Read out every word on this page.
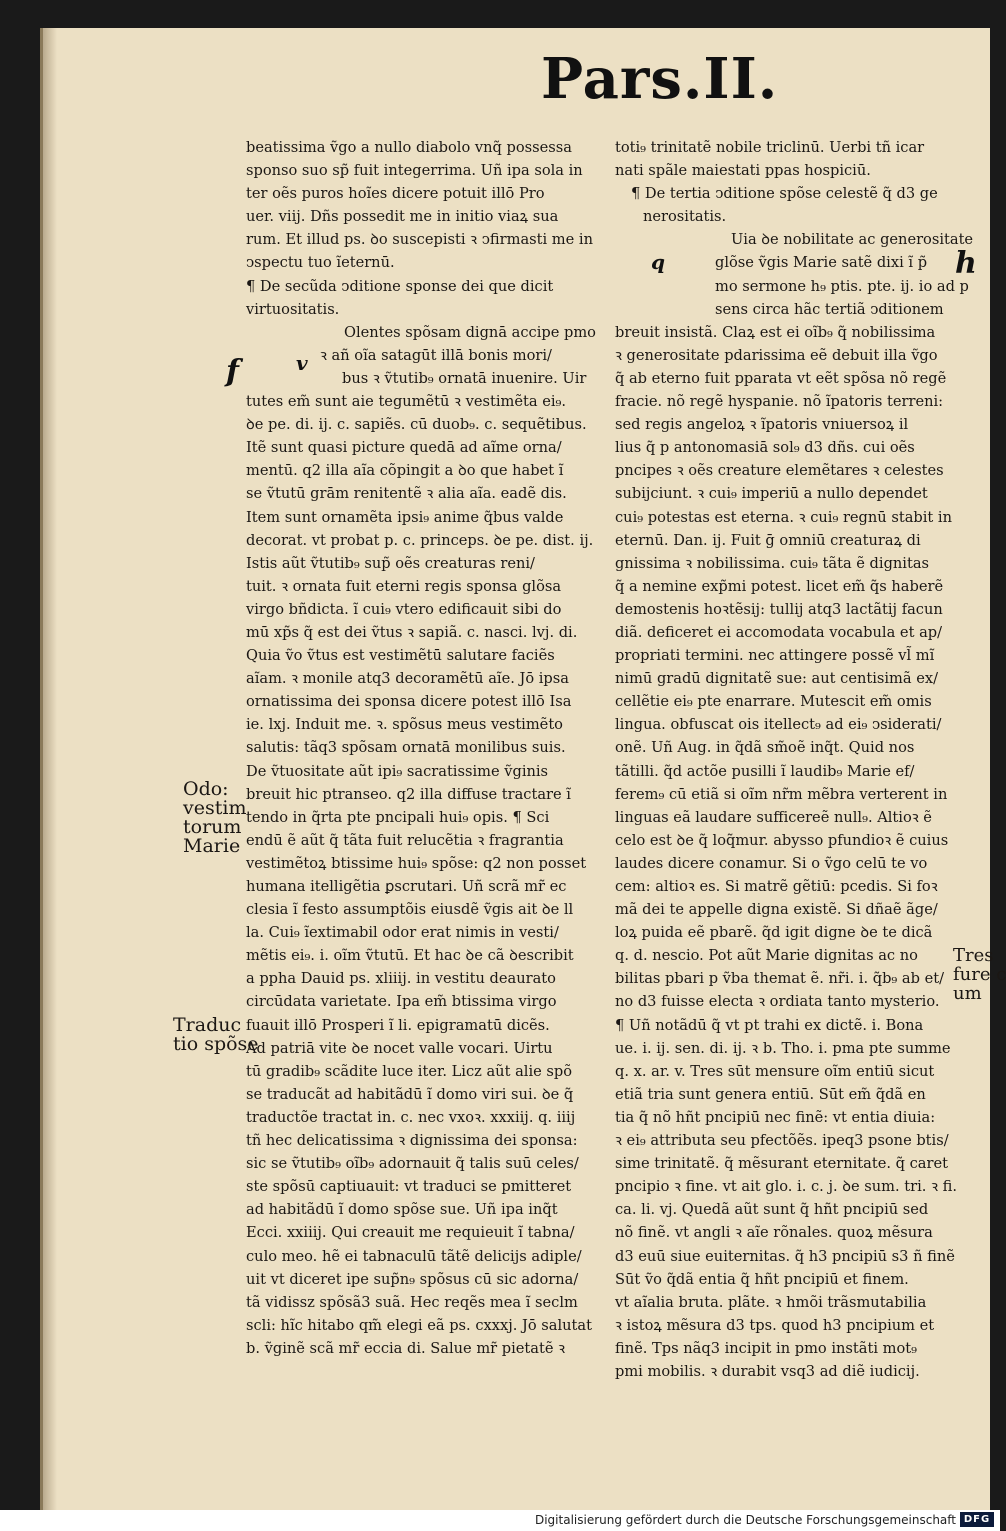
Pars.II.
beatissima ṽgo a nullo diabolo vnq̃ possessa
sponso suo sp̃ fuit integerrima. Uñ ipa sola in
ter oẽs puros hoĩes dicere potuit illō Pro
uer. viij. Dñs possedit me in initio viaꝝ sua
rum. Et illud ps. ꝺo suscepisti ꝛ ↄfirmasti me in
ↄspectu tuo ĩeternū.
¶ De secũda ↄditione sponse dei que dicit
virtuositatis.
Olentes spõsam dignā accipe pmo
ꝛ añ oĩa satagūt illā bonis mori/
bus ꝛ ṽtutib₉ ornatā inuenire. Uir
tutes em̃ sunt aie tegumẽtū ꝛ vestimẽta ei₉.
ꝺe pe. di. ij. c. sapiẽs. cū duob₉. c. sequẽtibus.
Itẽ sunt quasi picture quedā ad aĩme orna/
mentū. q2 illa aĩa cõpingit a ꝺo que habet ĩ
se ṽtutū grām renitentẽ ꝛ alia aĩa. eadẽ dis.
Item sunt ornamẽta ipsi₉ anime q̃bus valde
decorat. vt probat p. c. princeps. ꝺe pe. dist. ij.
Istis aũt ṽtutib₉ sup̃ oẽs creaturas reni/
tuit. ꝛ ornata fuit eterni regis sponsa glõsa
virgo bñdicta. ĩ cui₉ vtero edificauit sibi do
mū xp̃s q̃ est dei ṽtus ꝛ sapiã. c. nasci. lvj. di.
Quia ṽo ṽtus est vestimẽtū salutare faciẽs
aĩam. ꝛ monile atq3 decoramẽtū aĩe. Jō ipsa
ornatissima dei sponsa dicere potest illō Isa
ie. lxj. Induit me. ꝛ. spõsus meus vestimẽto
salutis: tãq3 spõsam ornatā monilibus suis.
De ṽtuositate aũt ipi₉ sacratissime ṽginis
breuit hic ptranseo. q2 illa diffuse tractare ĩ
tendo in q̃rta pte pncipali hui₉ opis. ¶ Sci
endū ẽ aũt q̃ tãta fuit relucẽtia ꝛ fragrantia
vestimẽtoꝝ btissime hui₉ spõse: q2 non posset
humana itelligẽtia ꝑscrutari. Uñ scrã mr̃ ec
clesia ĩ festo assumptõis eiusdẽ ṽgis ait ꝺe ll
la. Cui₉ ĩextimabil odor erat nimis in vesti/
mẽtis ei₉. i. oĩm ṽtutū. Et hac ꝺe cã ꝺescribit
a ppha Dauid ps. xliiij. in vestitu deaurato
circūdata varietate. Ipa em̃ btissima virgo
fuauit illō Prosperi ĩ li. epigramatū dicẽs.
Ad patriā vite ꝺe nocet valle vocari. Uirtu
tū gradib₉ scãdite luce iter. Licz aũt alie spõ
se traducãt ad habitãdū ĩ domo viri sui. ꝺe q̃
traductõe tractat in. c. nec vxoꝛ. xxxiij. q. iiij
tñ hec delicatissima ꝛ dignissima dei sponsa:
sic se ṽtutib₉ oĩb₉ adornauit q̃ talis suū celes/
ste spõsū captiuauit: vt traduci se pmitteret
ad habitãdū ĩ domo spõse sue. Uñ ipa inq̃t
Ecci. xxiiij. Qui creauit me requieuit ĩ tabna/
culo meo. hẽ ei tabnaculū tãtẽ delicijs adiple/
uit vt diceret ipe sup̃n₉ spõsus cū sic adorna/
tã vidissz spõsã3 suã. Hec reqẽs mea ĩ seclm
scli: hĩc hitabo qm̃ elegi eã ps. cxxxj. Jō salutat
b. ṽginẽ scã mr̃ eccia di. Salue mr̃ pietatẽ ꝛ
toti₉ trinitatẽ nobile triclinū. Uerbi tñ icar
nati spãle maiestati ppas hospiciū.
¶ De tertia ↄditione spõse celestẽ q̃ d3 ge
nerositatis.
Uia ꝺe nobilitate ac generositate
glõse ṽgis Marie satẽ dixi ĩ p̃
mo sermone h₉ ptis. pte. ij. io ad p
sens circa hãc tertiã ↄditionem
breuit insistã. Claꝝ est ei oĩb₉ q̃ nobilissima
ꝛ generositate pdarissima eẽ debuit illa ṽgo
q̃ ab eterno fuit pparata vt eẽt spõsa nõ regẽ
fracie. nõ regẽ hyspanie. nõ ĩpatoris terreni:
sed regis angeloꝝ ꝛ ĩpatoris vniuersoꝝ il
lius q̃ p antonomasiā sol₉ d3 dñs. cui oẽs
pncipes ꝛ oẽs creature elemẽtares ꝛ celestes
subijciunt. ꝛ cui₉ imperiū a nullo dependet
cui₉ potestas est eterna. ꝛ cui₉ regnū stabit in
eternū. Dan. ij. Fuit ḡ omniū creaturaꝝ di
gnissima ꝛ nobilissima. cui₉ tãta ẽ dignitas
q̃ a nemine exp̃mi potest. licet em̃ q̃s haberẽ
demostenis hoꝛtẽsij: tullij atq3 lactãtij facun
diã. deficeret ei accomodata vocabula et ap/
propriati termini. nec attingere possẽ vl̃ mĩ
nimū gradū dignitatẽ sue: aut centisimã ex/
cellẽtie ei₉ pte enarrare. Mutescit em̃ omis
lingua. obfuscat ois itellect₉ ad ei₉ ↄsiderati/
onẽ. Uñ Aug. in q̃dã sm̃oẽ inq̃t. Quid nos
tãtilli. q̃d actõe pusilli ĩ laudib₉ Marie ef/
ferem₉ cū etiã si oĩm nr̃m mẽbra verterent in
linguas eã laudare sufficereẽ null₉. Altioꝛ ẽ
celo est ꝺe q̃ loq̃mur. abysso pfundioꝛ ẽ cuius
laudes dicere conamur. Si o ṽgo celū te vo
cem: altioꝛ es. Si matrẽ gẽtiū: pcedis. Si foꝛ
mã dei te appelle digna existẽ. Si dñaẽ ãge/
loꝝ puida eẽ pbarẽ. q̃d igit digne ꝺe te dicã
q. d. nescio. Pot aũt Marie dignitas ac no
bilitas pbari p ṽba themat ẽ. nr̃i. i. q̃b₉ ab et/
no d3 fuisse electa ꝛ ordiata tanto mysterio.
¶ Uñ notãdū q̃ vt pt trahi ex dictẽ. i. Bona
ue. i. ij. sen. di. ij. ꝛ b. Tho. i. pma pte summe
q. x. ar. v. Tres sūt mensure oĩm entiū sicut
etiã tria sunt genera entiū. Sūt em̃ q̃dã en
tia q̃ nõ hñt pncipiū nec finẽ: vt entia diuia:
ꝛ ei₉ attributa seu pfectõẽs. ipeq3 psone btis/
sime trinitatẽ. q̃ mẽsurant eternitate. q̃ caret
pncipio ꝛ fine. vt ait glo. i. c. j. ꝺe sum. tri. ꝛ fi.
ca. li. vj. Quedã aũt sunt q̃ hñt pncipiū sed
nõ finẽ. vt angli ꝛ aĩe rõnales. quoꝝ mẽsura
d3 euū siue euiternitas. q̃ h3 pncipiū s3 ñ finẽ
Sūt ṽo q̃dã entia q̃ hñt pncipiū et finem.
vt aĩalia bruta. plãte. ꝛ hmõi trãsmutabilia
ꝛ istoꝝ mẽsura d3 tps. quod h3 pncipium et
finẽ. Tps nãq3 incipit in pmo instãti mot₉
pmi mobilis. ꝛ durabit vsq3 ad diẽ iudicij.
f	v
q	h
Odo:
vestim
torum
Marie
Traduc
tio spõse
Tres
fure c
um
Digitalisierung gefördert durch die Deutsche Forschungsgemeinschaft DFG
